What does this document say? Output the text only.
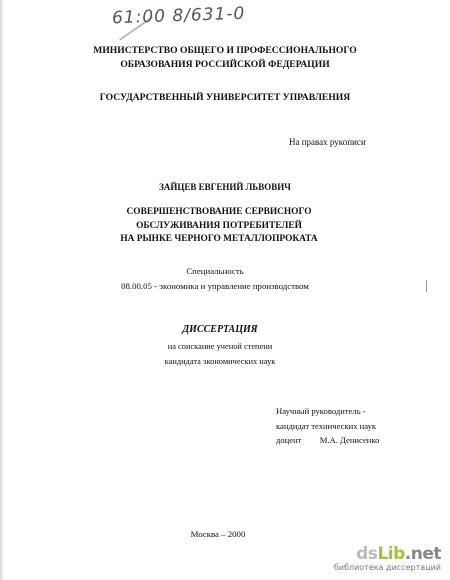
61:00 8/631-0
МИНИСТЕРСТВО ОБЩЕГО И ПРОФЕССИОНАЛЬНОГО
ОБРАЗОВАНИЯ РОССИЙСКОЙ ФЕДЕРАЦИИ
ГОСУДАРСТВЕННЫЙ УНИВЕРСИТЕТ УПРАВЛЕНИЯ
На правах рукописи
ЗАЙЦЕВ ЕВГЕНИЙ ЛЬВОВИЧ
СОВЕРШЕНСТВОВАНИЕ СЕРВИСНОГО
ОБСЛУЖИВАНИЯ ПОТРЕБИТЕЛЕЙ
НА РЫНКЕ ЧЕРНОГО МЕТАЛЛОПРОКАТА
Специальность
08.00.05 - экономика и управление производством
ДИССЕРТАЦИЯ
на соискание ученой степени
кандидата экономических наук
Научный руководитель -
кандидат технических наук
доцент М.А. Денисенко
Москва – 2000
dsLib.net
библиотека диссертаций
